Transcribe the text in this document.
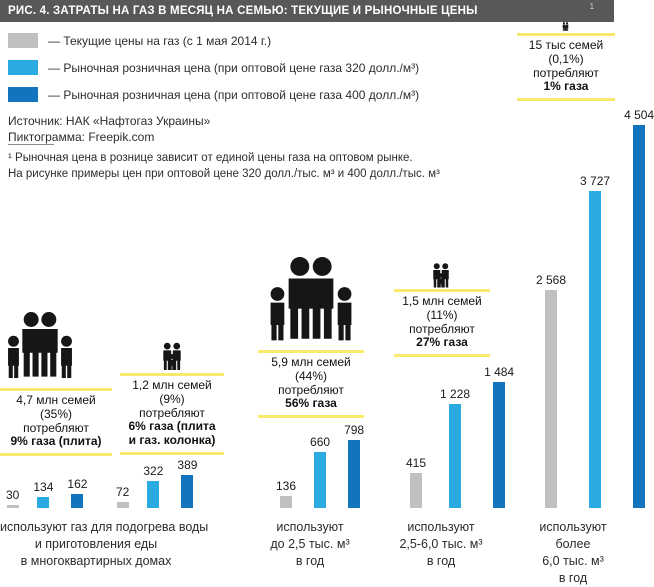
РИС. 4. ЗАТРАТЫ НА ГАЗ В МЕСЯЦ НА СЕМЬЮ: ТЕКУЩИЕ И РЫНОЧНЫЕ ЦЕНЫ	$^1$
— Текущие цены на газ (с 1 мая 2014 г.)
— Рыночная розничная цена (при оптовой цене газа 320 долл./м³)
— Рыночная розничная цена (при оптовой цене газа 400 долл./м³)
Источник: НАК «Нафтогаз Украины»
Пиктограмма: Freepik.com
¹ Рыночная цена в рознице зависит от единой цены газа на оптовом рынке.
На рисунке примеры цен при оптовой цене 320 долл./тыс. м³ и 400 долл./тыс. м³
4,7 млн семей
(35%)
потребляют
9% газа (плита)
30
134 162
1,2 млн семей
(9%)
потребляют
6% газа (плита
и газ. колонка)
72
322 389
5,9 млн семей
(44%)
потребляют
56% газа
136
660
798
1,5 млн семей
(11%)
потребляют
27% газа
415
1 228
1 484
15 тыс семей
(0,1%)
потребляют
1% газа
2 568
3 727
4 504
используют газ для подогрева воды
и приготовления еды
в многоквартирных домах
используют
до 2,5 тыс. м³
в год
используют
2,5-6,0 тыс. м³
в год
используют
более
6,0 тыс. м³
в год
